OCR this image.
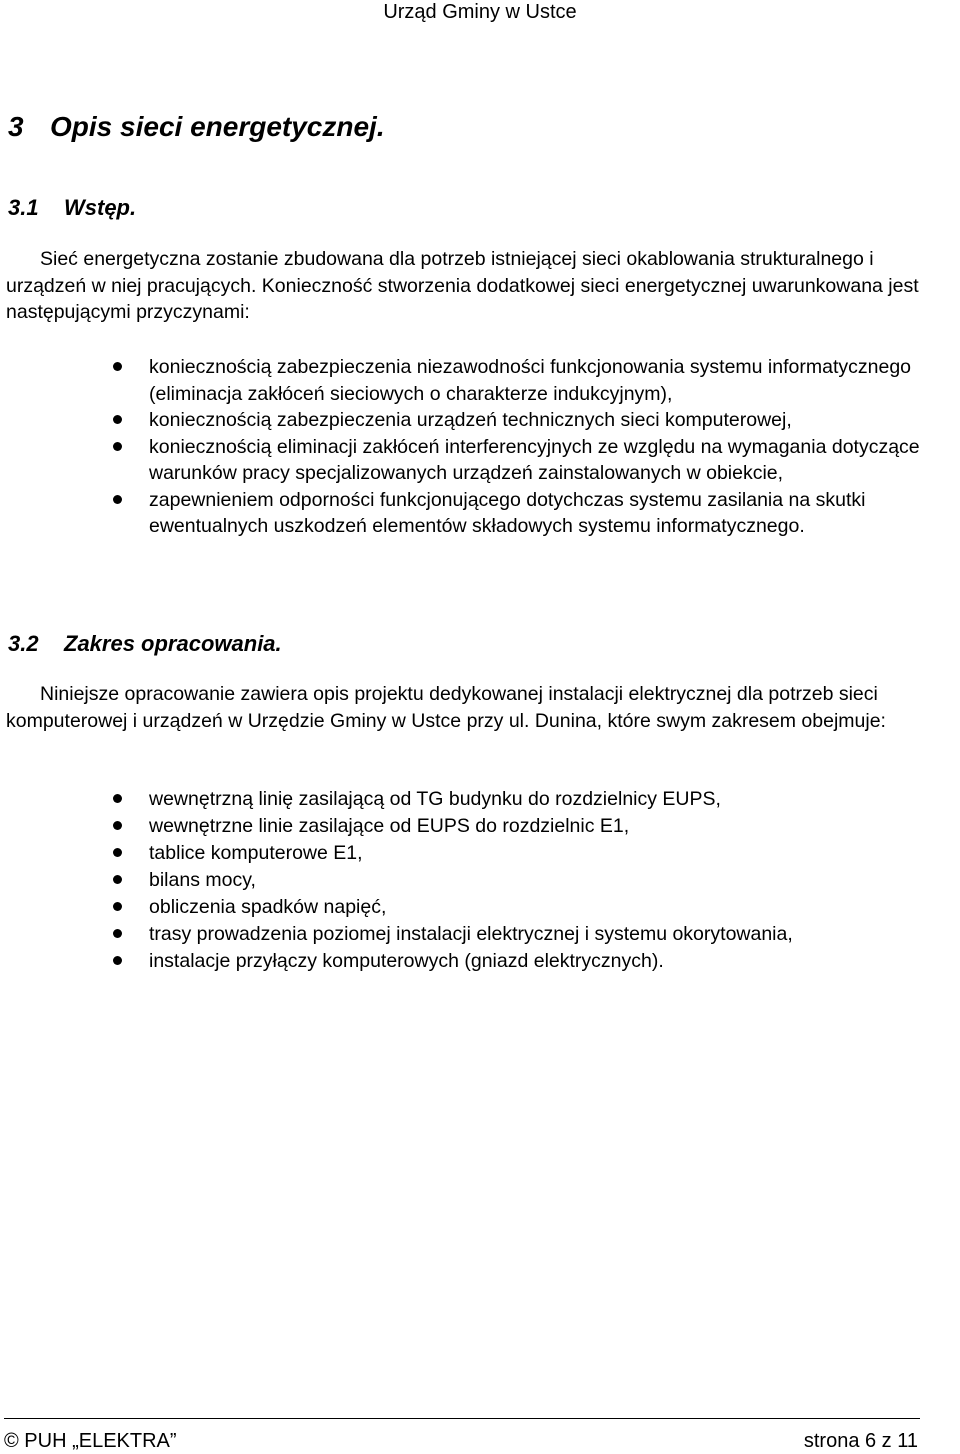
Urząd Gminy w Ustce
3 Opis sieci energetycznej.
3.1 Wstęp.

Sieć energetyczna zostanie zbudowana dla potrzeb istniejącej sieci okablowania strukturalnego i urządzeń w niej pracujących. Konieczność stworzenia dodatkowej sieci energetycznej uwarunkowana jest następującymi przyczynami:

koniecznością zabezpieczenia niezawodności funkcjonowania systemu informatycznego (eliminacja zakłóceń sieciowych o charakterze indukcyjnym),
koniecznością zabezpieczenia urządzeń technicznych sieci komputerowej,
koniecznością eliminacji zakłóceń interferencyjnych ze względu na wymagania dotyczące warunków pracy specjalizowanych urządzeń zainstalowanych w obiekcie,
zapewnieniem odporności funkcjonującego dotychczas systemu zasilania na skutki ewentualnych uszkodzeń elementów składowych systemu informatycznego.
3.2 Zakres opracowania.

Niniejsze opracowanie zawiera opis projektu dedykowanej instalacji elektrycznej dla potrzeb sieci komputerowej i urządzeń w Urzędzie Gminy w Ustce przy ul. Dunina, które swym zakresem obejmuje:

wewnętrzną linię zasilającą od TG budynku do rozdzielnicy EUPS,
wewnętrzne linie zasilające od EUPS do rozdzielnic E1,
tablice komputerowe E1,
bilans mocy,
obliczenia spadków napięć,
trasy prowadzenia poziomej instalacji elektrycznej i systemu okorytowania,
instalacje przyłączy komputerowych (gniazd elektrycznych).
© PUH „ELEKTRA”	strona 6 z 11
